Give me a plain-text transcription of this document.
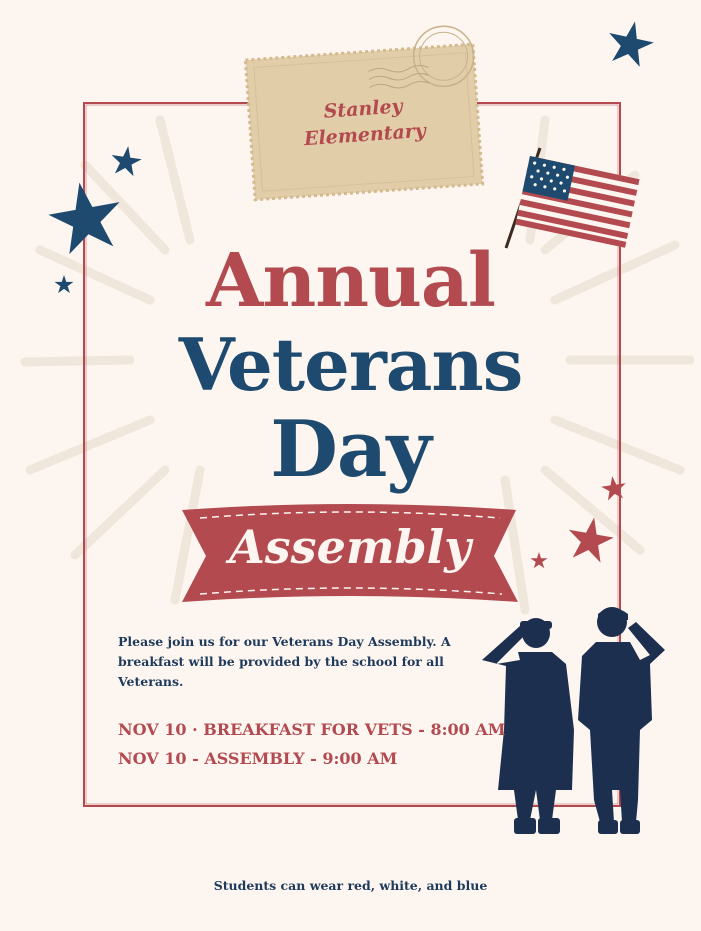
Stanley
Elementary
Annual
Veterans
Day
Assembly
Please join us for our Veterans Day Assembly. A breakfast will be provided by the school for all Veterans.
NOV 10 · BREAKFAST FOR VETS - 8:00 AM
NOV 10 - ASSEMBLY - 9:00 AM
Students can wear red, white, and blue
